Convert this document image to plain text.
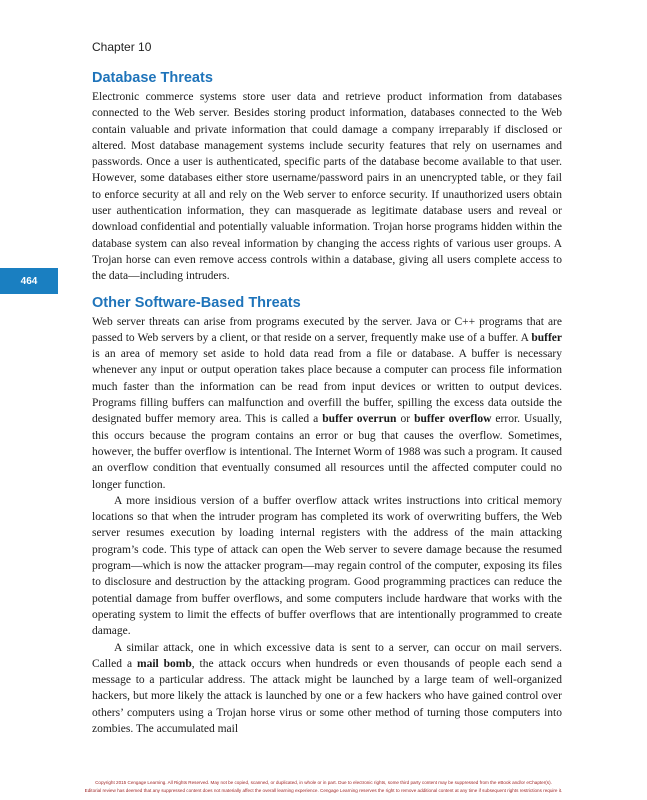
Chapter 10
464
Database Threats

Electronic commerce systems store user data and retrieve product information from databases connected to the Web server. Besides storing product information, databases connected to the Web contain valuable and private information that could damage a company irreparably if disclosed or altered. Most database management systems include security features that rely on usernames and passwords. Once a user is authenticated, specific parts of the database become available to that user. However, some databases either store username/password pairs in an unencrypted table, or they fail to enforce security at all and rely on the Web server to enforce security. If unauthorized users obtain user authentication information, they can masquerade as legitimate database users and reveal or download confidential and potentially valuable information. Trojan horse programs hidden within the database system can also reveal information by changing the access rights of various user groups. A Trojan horse can even remove access controls within a database, giving all users complete access to the data—including intruders.

Other Software-Based Threats

Web server threats can arise from programs executed by the server. Java or C++ programs that are passed to Web servers by a client, or that reside on a server, frequently make use of a buffer. A buffer is an area of memory set aside to hold data read from a file or database. A buffer is necessary whenever any input or output operation takes place because a computer can process file information much faster than the information can be read from input devices or written to output devices. Programs filling buffers can malfunction and overfill the buffer, spilling the excess data outside the designated buffer memory area. This is called a buffer overrun or buffer overflow error. Usually, this occurs because the program contains an error or bug that causes the overflow. Sometimes, however, the buffer overflow is intentional. The Internet Worm of 1988 was such a program. It caused an overflow condition that eventually consumed all resources until the affected computer could no longer function.

A more insidious version of a buffer overflow attack writes instructions into critical memory locations so that when the intruder program has completed its work of overwriting buffers, the Web server resumes execution by loading internal registers with the address of the main attacking program’s code. This type of attack can open the Web server to severe damage because the resumed program—which is now the attacker program—may regain control of the computer, exposing its files to disclosure and destruction by the attacking program. Good programming practices can reduce the potential damage from buffer overflows, and some computers include hardware that works with the operating system to limit the effects of buffer overflows that are intentionally programmed to create damage.

A similar attack, one in which excessive data is sent to a server, can occur on mail servers. Called a mail bomb, the attack occurs when hundreds or even thousands of people each send a message to a particular address. The attack might be launched by a large team of well-organized hackers, but more likely the attack is launched by one or a few hackers who have gained control over others’ computers using a Trojan horse virus or some other method of turning those computers into zombies. The accumulated mail

Copyright 2015 Cengage Learning. All Rights Reserved. May not be copied, scanned, or duplicated, in whole or in part. Due to electronic rights, some third party content may be suppressed from the eBook and/or eChapter(s).
Editorial review has deemed that any suppressed content does not materially affect the overall learning experience. Cengage Learning reserves the right to remove additional content at any time if subsequent rights restrictions require it.
